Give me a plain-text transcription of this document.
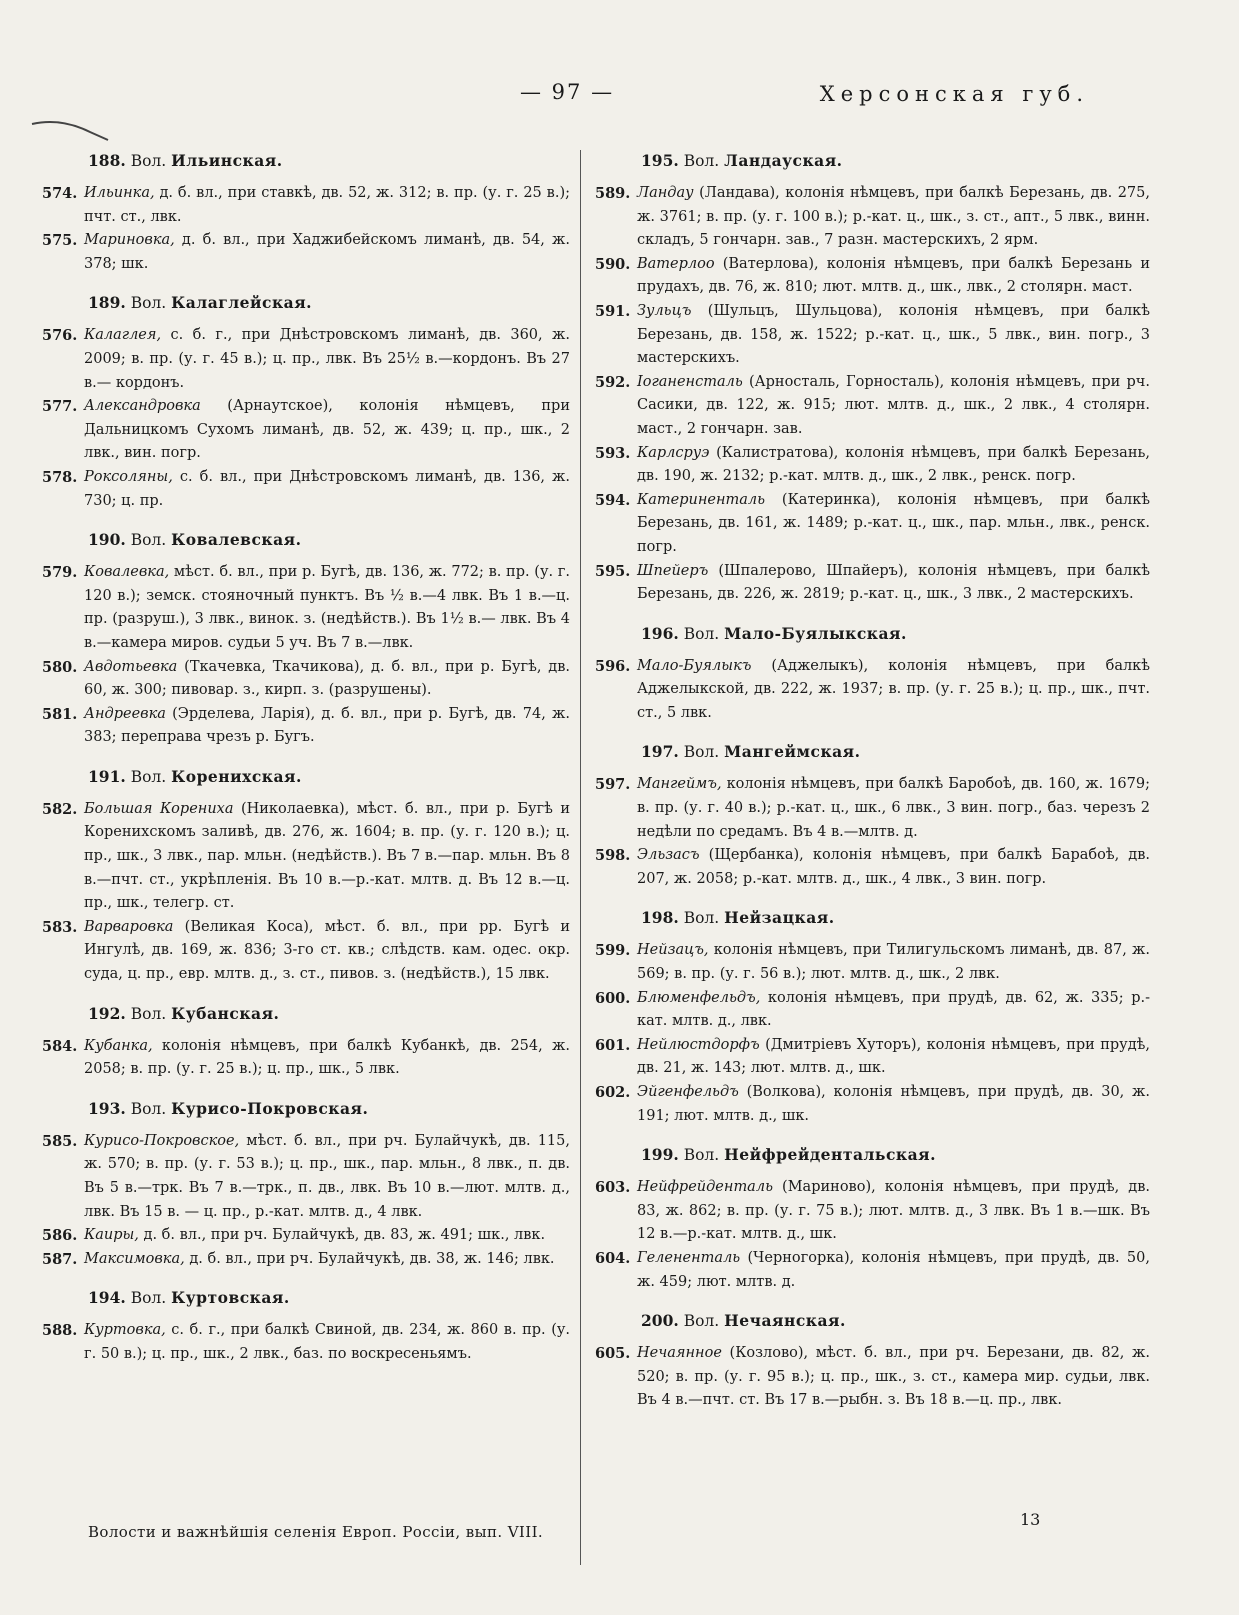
— 97 —	Херсонская губ.
188. Вол. Ильинская.
574. Ильинка, д. б. вл., при ставкѣ, дв. 52, ж. 312; в. пр. (у. г. 25 в.); пчт. ст., лвк.
575. Мариновка, д. б. вл., при Хаджибейскомъ лиманѣ, дв. 54, ж. 378; шк.
189. Вол. Калаглейская.
576. Калаглея, с. б. г., при Днѣстровскомъ лиманѣ, дв. 360, ж. 2009; в. пр. (у. г. 45 в.); ц. пр., лвк. Въ 25½ в.—кордонъ. Въ 27 в.— кордонъ.
577. Александровка (Арнаутское), колонія нѣмцевъ, при Дальницкомъ Сухомъ лиманѣ, дв. 52, ж. 439; ц. пр., шк., 2 лвк., вин. погр.
578. Роксоляны, с. б. вл., при Днѣстровскомъ лиманѣ, дв. 136, ж. 730; ц. пр.
190. Вол. Ковалевская.
579. Ковалевка, мѣст. б. вл., при р. Бугѣ, дв. 136, ж. 772; в. пр. (у. г. 120 в.); земск. стояночный пунктъ. Въ ½ в.—4 лвк. Въ 1 в.—ц. пр. (разруш.), 3 лвк., винок. з. (недѣйств.). Въ 1½ в.— лвк. Въ 4 в.—камера миров. судьи 5 уч. Въ 7 в.—лвк.
580. Авдотьевка (Ткачевка, Ткачикова), д. б. вл., при р. Бугѣ, дв. 60, ж. 300; пивовар. з., кирп. з. (разрушены).
581. Андреевка (Эрделева, Ларія), д. б. вл., при р. Бугѣ, дв. 74, ж. 383; переправа чрезъ р. Бугъ.
191. Вол. Корениxская.
582. Большая Корениха (Николаевка), мѣст. б. вл., при р. Бугѣ и Коренихскомъ заливѣ, дв. 276, ж. 1604; в. пр. (у. г. 120 в.); ц. пр., шк., 3 лвк., пар. мльн. (недѣйств.). Въ 7 в.—пар. мльн. Въ 8 в.—пчт. ст., укрѣпленія. Въ 10 в.—р.-кат. млтв. д. Въ 12 в.—ц. пр., шк., телегр. ст.
583. Варваровка (Великая Коса), мѣст. б. вл., при рр. Бугѣ и Ингулѣ, дв. 169, ж. 836; 3-го ст. кв.; слѣдств. кам. одес. окр. суда, ц. пр., евр. млтв. д., з. ст., пивов. з. (недѣйств.), 15 лвк.
192. Вол. Кубанская.
584. Кубанка, колонія нѣмцевъ, при балкѣ Кубанкѣ, дв. 254, ж. 2058; в. пр. (у. г. 25 в.); ц. пр., шк., 5 лвк.
193. Вол. Курисо-Покровская.
585. Курисо-Покровское, мѣст. б. вл., при рч. Булайчукѣ, дв. 115, ж. 570; в. пр. (у. г. 53 в.); ц. пр., шк., пар. мльн., 8 лвк., п. дв. Въ 5 в.—трк. Въ 7 в.—трк., п. дв., лвк. Въ 10 в.—лют. млтв. д., лвк. Въ 15 в. — ц. пр., р.-кат. млтв. д., 4 лвк.
586. Каиры, д. б. вл., при рч. Булайчукѣ, дв. 83, ж. 491; шк., лвк.
587. Максимовка, д. б. вл., при рч. Булайчукѣ, дв. 38, ж. 146; лвк.
194. Вол. Куртовская.
588. Куртовка, с. б. г., при балкѣ Свиной, дв. 234, ж. 860 в. пр. (у. г. 50 в.); ц. пр., шк., 2 лвк., баз. по воскресеньямъ.
195. Вол. Ландауская.
589. Ландау (Ландава), колонія нѣмцевъ, при балкѣ Березань, дв. 275, ж. 3761; в. пр. (у. г. 100 в.); р.-кат. ц., шк., з. ст., апт., 5 лвк., винн. складъ, 5 гончарн. зав., 7 разн. мастерскихъ, 2 ярм.
590. Ватерлоо (Ватерлова), колонія нѣмцевъ, при балкѣ Березань и прудахъ, дв. 76, ж. 810; лют. млтв. д., шк., лвк., 2 столярн. маст.
591. Зульцъ (Шульцъ, Шульцова), колонія нѣмцевъ, при балкѣ Березань, дв. 158, ж. 1522; р.-кат. ц., шк., 5 лвк., вин. погр., 3 мастерскихъ.
592. Іоганенсталь (Арносталь, Горносталь), колонія нѣмцевъ, при рч. Сасики, дв. 122, ж. 915; лют. млтв. д., шк., 2 лвк., 4 столярн. маст., 2 гончарн. зав.
593. Карлсруэ (Калистратова), колонія нѣмцевъ, при балкѣ Березань, дв. 190, ж. 2132; р.-кат. млтв. д., шк., 2 лвк., ренск. погр.
594. Катериненталь (Катеринка), колонія нѣмцевъ, при балкѣ Березань, дв. 161, ж. 1489; р.-кат. ц., шк., пар. мльн., лвк., ренск. погр.
595. Шпейеръ (Шпалерово, Шпайеръ), колонія нѣмцевъ, при балкѣ Березань, дв. 226, ж. 2819; р.-кат. ц., шк., 3 лвк., 2 мастерскихъ.
196. Вол. Мало-Буялыкская.
596. Мало-Буялыкъ (Аджелыкъ), колонія нѣмцевъ, при балкѣ Аджелыкской, дв. 222, ж. 1937; в. пр. (у. г. 25 в.); ц. пр., шк., пчт. ст., 5 лвк.
197. Вол. Мангеймская.
597. Мангеймъ, колонія нѣмцевъ, при балкѣ Баробоѣ, дв. 160, ж. 1679; в. пр. (у. г. 40 в.); р.-кат. ц., шк., 6 лвк., 3 вин. погр., баз. черезъ 2 недѣли по средамъ. Въ 4 в.—млтв. д.
598. Эльзасъ (Щербанка), колонія нѣмцевъ, при балкѣ Барабоѣ, дв. 207, ж. 2058; р.-кат. млтв. д., шк., 4 лвк., 3 вин. погр.
198. Вол. Нейзацкая.
599. Нейзацъ, колонія нѣмцевъ, при Тилигульскомъ лиманѣ, дв. 87, ж. 569; в. пр. (у. г. 56 в.); лют. млтв. д., шк., 2 лвк.
600. Блюменфельдъ, колонія нѣмцевъ, при прудѣ, дв. 62, ж. 335; р.-кат. млтв. д., лвк.
601. Нейлюстдорфъ (Дмитріевъ Хуторъ), колонія нѣмцевъ, при прудѣ, дв. 21, ж. 143; лют. млтв. д., шк.
602. Эйгенфельдъ (Волкова), колонія нѣмцевъ, при прудѣ, дв. 30, ж. 191; лют. млтв. д., шк.
199. Вол. Нейфрейдентальская.
603. Нейфрейденталь (Мариново), колонія нѣмцевъ, при прудѣ, дв. 83, ж. 862; в. пр. (у. г. 75 в.); лют. млтв. д., 3 лвк. Въ 1 в.—шк. Въ 12 в.—р.-кат. млтв. д., шк.
604. Гелененталь (Черногорка), колонія нѣмцевъ, при прудѣ, дв. 50, ж. 459; лют. млтв. д.
200. Вол. Нечаянская.
605. Нечаянное (Козлово), мѣст. б. вл., при рч. Березани, дв. 82, ж. 520; в. пр. (у. г. 95 в.); ц. пр., шк., з. ст., камера мир. судьи, лвк. Въ 4 в.—пчт. ст. Въ 17 в.—рыбн. з. Въ 18 в.—ц. пр., лвк.
Волости и важнѣйшія селенія Европ. Россіи, вып. VIII.
13
